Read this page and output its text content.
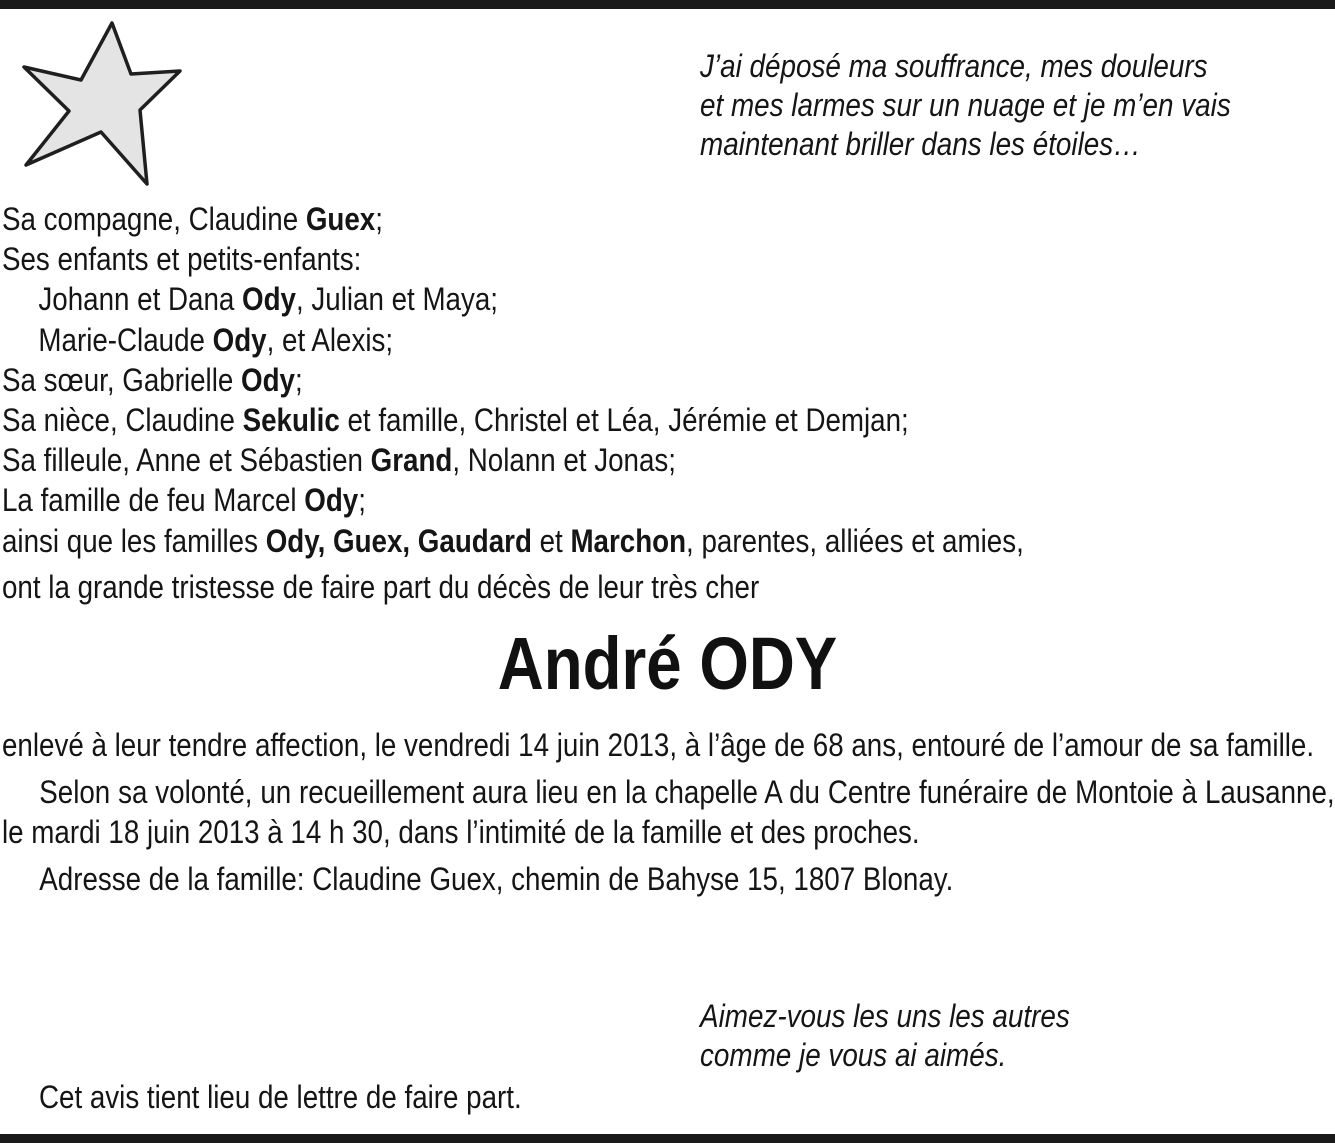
J’ai déposé ma souffrance, mes douleurs
et mes larmes sur un nuage et je m’en vais
maintenant briller dans les étoiles…
Sa compagne, Claudine Guex;
Ses enfants et petits-enfants:
Johann et Dana Ody, Julian et Maya;
Marie-Claude Ody, et Alexis;
Sa sœur, Gabrielle Ody;
Sa nièce, Claudine Sekulic et famille, Christel et Léa, Jérémie et Demjan;
Sa filleule, Anne et Sébastien Grand, Nolann et Jonas;
La famille de feu Marcel Ody;
ainsi que les familles Ody, Guex, Gaudard et Marchon, parentes, alliées et amies,
ont la grande tristesse de faire part du décès de leur très cher
André ODY

enlevé à leur tendre affection, le vendredi 14 juin 2013, à l’âge de 68 ans, entouré de l’amour de sa famille.

Selon sa volonté, un recueillement aura lieu en la chapelle A du Centre funéraire de Montoie à Lausanne, le mardi 18 juin 2013 à 14 h 30, dans l’intimité de la famille et des proches.

Adresse de la famille: Claudine Guex, chemin de Bahyse 15, 1807 Blonay.

Aimez-vous les uns les autres
comme je vous ai aimés.
Cet avis tient lieu de lettre de faire part.
